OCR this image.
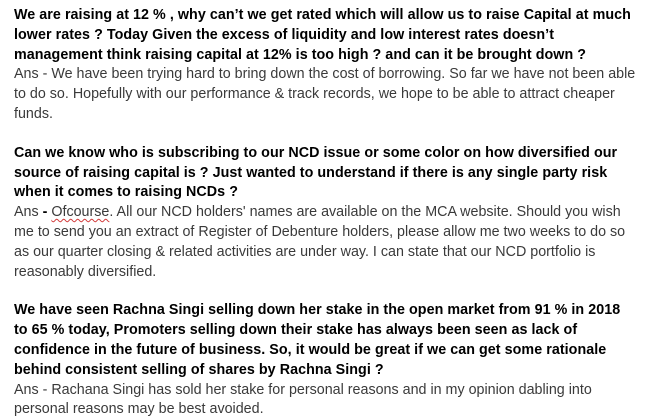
We are raising at 12 % , why can’t we get rated which will allow us to raise Capital at much lower rates ? Today Given the excess of liquidity and low interest rates doesn’t management think raising capital at 12% is too high ? and can it be brought down ?

Ans - We have been trying hard to bring down the cost of borrowing. So far we have not been able to do so. Hopefully with our performance & track records, we hope to be able to attract cheaper funds.

Can we know who is subscribing to our NCD issue or some color on how diversified our source of raising capital is ? Just wanted to understand if there is any single party risk when it comes to raising NCDs ?

Ans - Ofcourse. All our NCD holders' names are available on the MCA website. Should you wish me to send you an extract of Register of Debenture holders, please allow me two weeks to do so as our quarter closing & related activities are under way. I can state that our NCD portfolio is reasonably diversified.

We have seen Rachna Singi selling down her stake in the open market from 91 % in 2018 to 65 % today, Promoters selling down their stake has always been seen as lack of confidence in the future of business. So, it would be great if we can get some rationale behind consistent selling of shares by Rachna Singi ?

Ans - Rachana Singi has sold her stake for personal reasons and in my opinion dabling into personal reasons may be best avoided.
